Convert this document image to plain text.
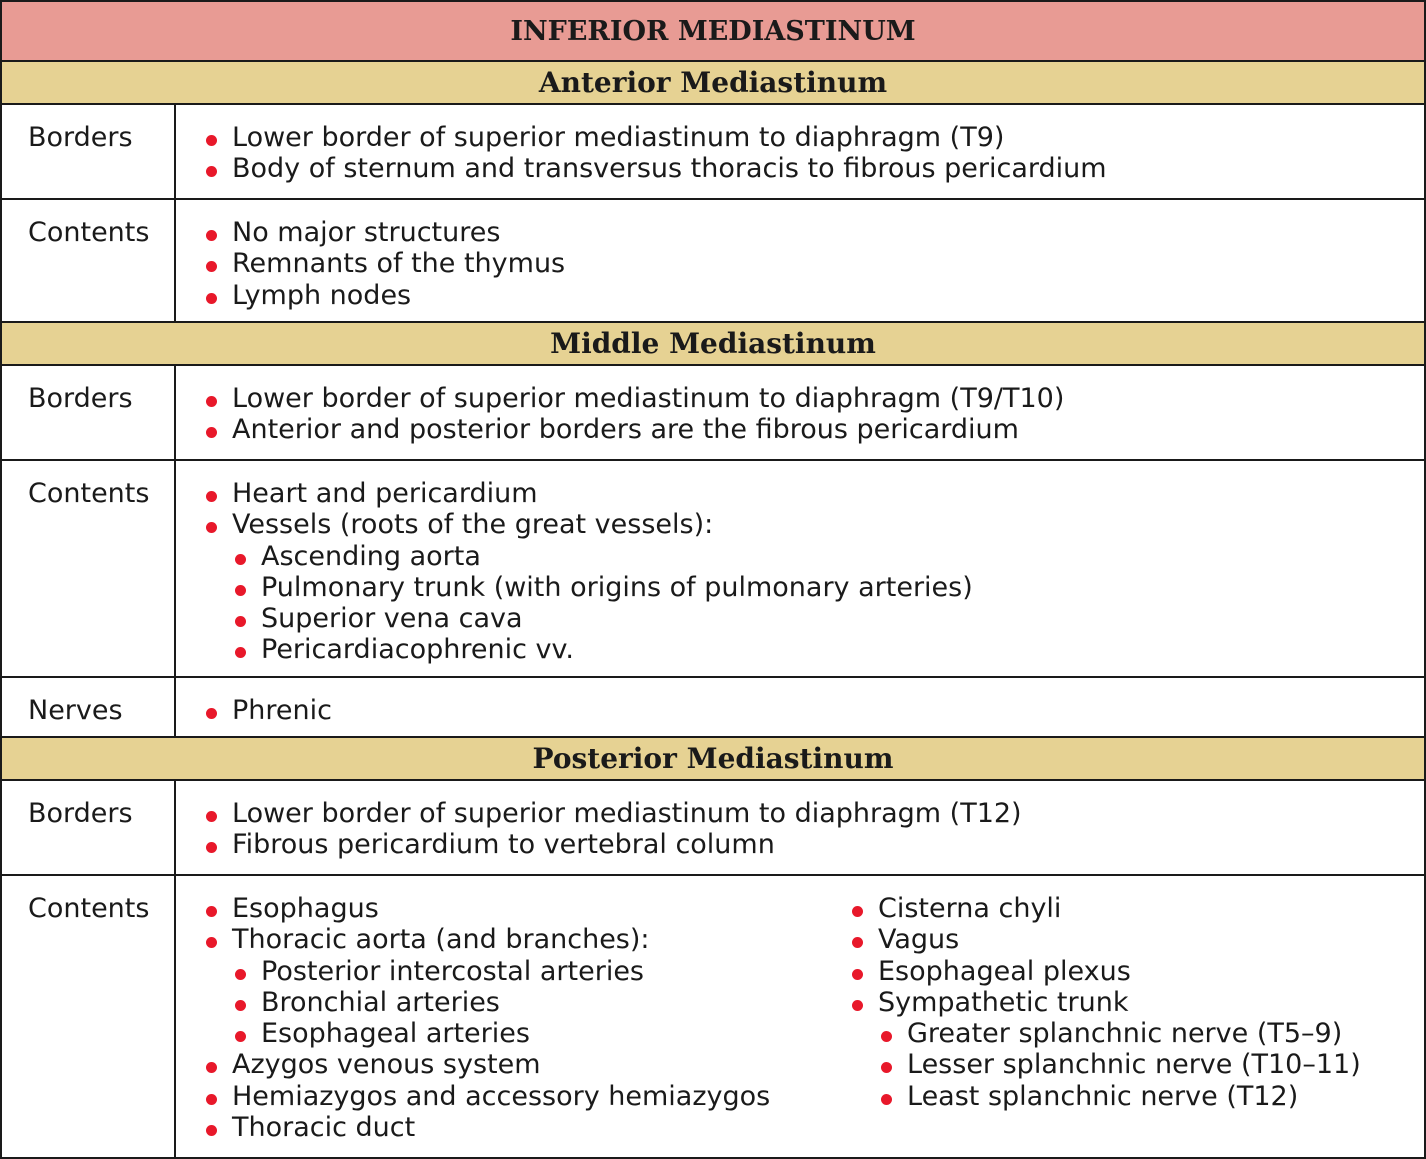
INFERIOR MEDIASTINUM
Anterior Mediastinum
Borders	Lower border of superior mediastinum to diaphragm (T9)
Body of sternum and transversus thoracis to fibrous pericardium
Contents	No major structures
Remnants of the thymus
Lymph nodes
Middle Mediastinum
Borders	Lower border of superior mediastinum to diaphragm (T9/T10)
Anterior and posterior borders are the fibrous pericardium
Contents	Heart and pericardium
Vessels (roots of the great vessels):
Ascending aorta
Pulmonary trunk (with origins of pulmonary arteries)
Superior vena cava
Pericardiacophrenic vv.
Nerves	Phrenic
Posterior Mediastinum
Borders	Lower border of superior mediastinum to diaphragm (T12)
Fibrous pericardium to vertebral column
Contents	Esophagus
Thoracic aorta (and branches):
Posterior intercostal arteries
Bronchial arteries
Esophageal arteries
Azygos venous system
Hemiazygos and accessory hemiazygos
Thoracic duct
Cisterna chyli
Vagus
Esophageal plexus
Sympathetic trunk
Greater splanchnic nerve (T5–9)
Lesser splanchnic nerve (T10–11)
Least splanchnic nerve (T12)
